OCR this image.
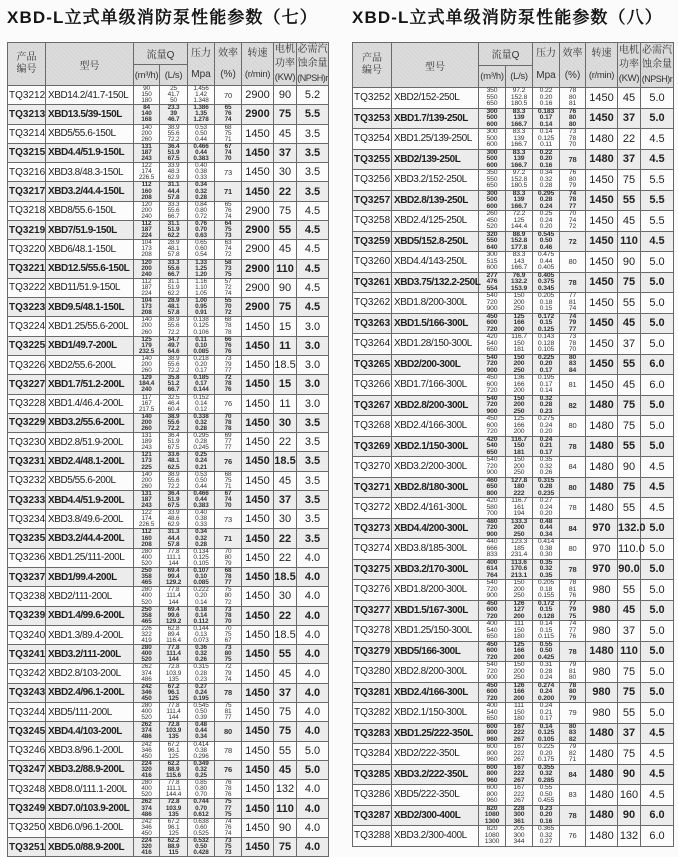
XBD-L立式单级消防泵性能参数（七）
产品
编号	型号	流量Q		压力
Mpa	效率
(%)	转速
(r/min)	电机
功率
(KW)	必需汽
蚀余量
(NPSH)r

		(m³/h)	(L/s)					
TQ3212	XBD14.2/41.7-150L	90
150
180	25
41.7
50	1.456
1.42
1.348	70	2900	90	5.2
TQ3213	XBD13.5/39-150L	84
140
168	23.3
39
46.7	1.386
1.35
1.278	65
76
74	2900	75	5.5
TQ3214	XBD5/55.6-150L	140
200
260	38.9
55.6
72.2	0.53
0.50
0.44	68
75
71	1450	45	3.5
TQ3215	XBD4.4/51.9-150L	131
187
243	36.4
51.9
67.5	0.466
0.44
0.383	67
74
70	1450	37	3.5
TQ3216	XBD3.8/48.3-150L	122
174
226.5	33.9
48.3
62.9	0.40
0.38
0.33	73	1450	30	3.5
TQ3217	XBD3.2/44.4-150L	112
160
208	31.1
44.4
57.8	0.34
0.32
0.28	71	1450	22	3.5
TQ3218	XBD8/55.6-150L	120
200
240	33.3
55.6
66.7	0.84
0.80
0.72	65
76
74	2900	75	4.5
TQ3219	XBD7/51.9-150L	112
187
224	31.1
51.9
62.2	0.76
0.70
0.63	64
75
73	2900	55	4.5
TQ3220	XBD6/48.1-150L	104
173
208	28.9
48.1
57.8	0.65
0.60
0.54	63
74
72	2900	45	4.5
TQ3221	XBD12.5/55.6-150L	120
200
240	33.3
55.6
66.7	1.33
1.25
1.20	58
73
75	2900	110	4.5
TQ3222	XBD11/51.9-150L	112
187
224	31.1
51.9
62.2	1.16
1.10
1.05	57
72
74	2900	90	4.5
TQ3223	XBD9.5/48.1-150L	104
173
208	28.9
48.1
57.8	1.00
0.95
0.91	55
70
72	2900	75	4.5
TQ3224	XBD1.25/55.6-200L	140
200
260	38.9
55.6
72.2	0.138
0.125
0.106	68
78
78	1450	15	3.0
TQ3225	XBD1/49.7-200L	125
179
232.5	34.7
49.7
64.6	0.11
0.10
0.085	66
76
76	1450	11	3.0
TQ3226	XBD2/55.6-200L	140
200
260	38.9
55.6
72.2	0.218
0.20
0.17	73
79
77	1450	18.5	3.0
TQ3227	XBD1.7/51.2-200L	129
184.4
240	35.8
51.2
66.7	0.185
0.17
0.144	72
78
76	1450	15	3.0
TQ3228	XBD1.4/46.4-200L	117
167
217.5	32.5
46.4
60.4	0.152
0.14
0.12	76	1450	11	3.0
TQ3229	XBD3.2/55.6-200L	140
200
260	38.9
55.6
72.2	0.338
0.32
0.28	70
78
78	1450	30	3.5
TQ3230	XBD2.8/51.9-200L	131
189
243	36.4
51.9
67.5	0.295
0.28
0.245	69
77
77	1450	22	3.5
TQ3231	XBD2.4/48.1-200L	121
173
225	33.6
48.1
62.5	0.25
0.24
0.21	76	1450	18.5	3.5
TQ3232	XBD5/55.6-200L	140
200
260	38.9
55.6
72.2	0.53
0.50
0.44	68
75
71	1450	45	3.5
TQ3233	XBD4.4/51.9-200L	131
187
243	36.4
51.9
67.5	0.466
0.44
0.383	67
74
70	1450	37	3.5
TQ3234	XBD3.8/49.6-200L	122
174
226.5	33.9
48.6
62.9	0.40
0.38
0.33	73	1450	30	3.5
TQ3235	XBD3.2/44.4-200L	112
160
208	31.3
44.4
57.8	0.34
0.32
0.28	71	1450	22	3.5
TQ3236	XBD1.25/111-200L	280
400
520	77.8
111.1
144	0.134
0.125
0.105	70
80
79	1450	22	4.0
TQ3237	XBD1/99.4-200L	250
358
465	69.4
99.4
129.2	0.107
0.10
0.085	68
78
77	1450	18.5	4.0
TQ3238	XBD2/111-200L	280
400
520	77.8
111.4
144	0.222
0.20
0.14	75
80
72	1450	30	4.0
TQ3239	XBD1.4/99.6-200L	250
358
465	69.4
99.6
129.2	0.18
0.14
0.112	73
78
70	1450	22	4.0
TQ3240	XBD1.3/89.4-200L	226
322
419	62.8
89.4
116.4	0.144
0.13
0.073	70
75
67	1450	18.5	4.0
TQ3241	XBD3.2/111-200L	280
400
520	77.8
111.4
144	0.36
0.32
0.26	73
80
75	1450	55	4.0
TQ3242	XBD2.8/103-200L	262
374
486	72.8
103.9
135	0.315
0.28
0.23	72
79
74	1450	45	4.0
TQ3243	XBD2.4/96.1-200L	242
346
450	67.2
96.1
125	0.27
0.24
0.195	78	1450	37	4.0
TQ3244	XBD5/111-200L	280
400
520	77.8
111.4
144	0.545
0.50
0.39	75
81
77	1450	75	4.0
TQ3245	XBD4.4/103-200L	262
374
486	72.8
103.9
135	0.48
0.44
0.34	80	1450	75	4.0
TQ3246	XBD3.8/96.1-200L	242
346
450	67.2
96.1
125	0.414
0.38
0.296	78	1450	55	5.0
TQ3247	XBD3.2/88.9-200L	224
320
416	62.2
88.9
115.6	0.349
0.32
0.25	76	1450	45	5.0
TQ3248	XBD8.0/111.1-200L	280
400
520	77.8
111.1
144.4	0.85
0.80
0.70	76
78
76	1450	132	4.0
TQ3249	XBD7.0/103.9-200L	262
374
486	72.8
103.9
135	0.744
0.70
0.612	75
77
75	1450	110	4.0
TQ3250	XBD6.0/96.1-200L	242
346
450	67.2
96.1
125	0.638
0.60
0.525	74
76
74	1450	90	4.0
TQ3251	XBD5.0/88.9-200L	224
320
416	62.2
88.9
115	0.532
0.50
0.428	73
75
73	1450	75	4.0
XBD-L立式单级消防泵性能参数（八）
产品
编号	型号	流量Q		压力
Mpa	效率
(%)	转速
(r/min)	电机
功率
(KW)	必需汽
蚀余量
(NPSH)r

		(m³/h)	(L/s)					
TQ3252	XBD2/152-250L	350
550
650	97.2
152.8
180.5	0.22
0.20
0.16	78
80
81	1450	45	5.0
TQ3253	XBD1.7/139-250L	300
500
600	83.3
139
166.7	0.183
0.17
0.14	76
80
80	1450	37	5.0
TQ3254	XBD1.25/139-250L	300
500
600	83.3
139
166.7	0.14
0.125
0.11	73
78
70	1480	22	4.5
TQ3255	XBD2/139-250L	300
500
600	83.3
139
166.7	0.22
0.20
0.16	78	1480	37	4.5
TQ3256	XBD3.2/152-250L	350
550
650	97.2
152.8
180.5	0.34
0.32
0.28	76
80
79	1450	75	5.5
TQ3257	XBD2.8/139-250L	300
500
600	83.3
139
166.7	0.295
0.28
0.24	74
78
77	1450	55	5.5
TQ3258	XBD2.4/125-250L	260
450
520	72.2
125
144.4	0.25
0.24
0.20	70
74
72	1450	45	5.5
TQ3259	XBD5/152.8-250L	320
550
640	88.9
152.8
177.8	0.545
0.50
0.46	72	1450	110	4.5
TQ3260	XBD4.4/143-250L	300
515
600	83.3
143
166.7	0.475
0.44
0.405	80	1450	90	5.0
TQ3261	XBD3.75/132.2-250L	277
476
554	76.9
132.2
153.9	0.405
0.375
0.345	78	1450	75	5.0
TQ3262	XBD1.8/200-300L	540
720
900	150
200
250	0.205
0.18
0.15	77
81
74	1450	55	5.0
TQ3263	XBD1.5/166-300L	450
600
720	125
166
200	0.172
0.15
0.125	74
79
77	1450	45	5.0
TQ3264	XBD1.28/150-300L	420
540
650	116.7
150
181	0.143
0.128
0.105	73
78
70	1450	37	5.0
TQ3265	XBD2/200-300L	540
720
900	150
200
250	0.225
0.20
0.17	80
83
84	1450	55	6.0
TQ3266	XBD1.7/166-300L	450
600
720	136
166
200	0.195
0.17
0.14	81	1450	45	6.0
TQ3267	XBD2.8/200-300L	540
720
900	150
200
250	0.32
0.28
0.23	82	1480	75	5.0
TQ3268	XBD2.4/166-300L	450
600
720	125
166
200	0.275
0.24
0.20	80	1480	75	5.0
TQ3269	XBD2.1/150-300L	420
540
650	116.7
150
181	0.24
0.21
0.17	78	1480	55	5.0
TQ3270	XBD3.2/200-300L	540
720
900	150
200
250	0.35
0.32
0.26	84	1480	90	4.5
TQ3271	XBD2.8/180-300L	460
650
800	127.8
180
222	0.315
0.28
0.235	80	1480	75	4.5
TQ3272	XBD2.4/161-300L	420
580
700	116.7
161
194	0.27
0.24
0.20	78	1480	55	4.5
TQ3273	XBD4.4/200-300L	480
720
900	133.3
200
250	0.48
0.44
0.34	84	970	132.0	5.0
TQ3274	XBD3.8/185-300L	440
666
833	123.3
185
231.4	0.414
0.38
0.30	80	970	110.0	5.0
TQ3275	XBD3.2/170-300L	400
614
764	113.6
170.6
213.1	0.35
0.32
0.35	78	970	90.0	5.0
TQ3276	XBD1.8/200-300L	540
720
900	150
200
250	0.205
0.18
0.155	78
81
76	980	55	5.0
TQ3277	XBD1.5/167-300L	450
600
720	126
127
200	0.172
0.15
0.128	77
79
75	980	45	5.0
TQ3278	XBD1.25/150-300L	400
540
650	111
150
180	0.14
0.15
0.115	74
77
76	980	37	5.0
TQ3279	XBD5/166-300L	450
600
720	125
166
200	0.55
0.50
0.425	78	1480	110	5.0
TQ3280	XBD2.8/200-300L	540
720
900	150
200
250	0.31
0.28
0.24	79
81
80	980	75	5.0
TQ3281	XBD2.4/166-300L	450
600
720	126
166
200	0.274
0.24
0.200	78
80
79	980	75	5.0
TQ3282	XBD2.1/150-300L	400
540
650	111
150
180	0.24
0.21
0.17	79	980	55	5.0
TQ3283	XBD1.25/222-350L	600
800
960	167
222
267	0.14
0.125
0.105	80
83
82	1480	37	4.5
TQ3284	XBD2/222-350L	600
800
960	167
222
267	0.225
0.20
0.175	79
82
71	1480	75	4.5
TQ3285	XBD3.2/222-350L	600
800
960	167
222
267	0.355
0.32
0.285	84	1480	90	4.5
TQ3286	XBD5/222-350L	600
800
960	167
222
267	0.55
0.50
0.455	83	1480	160	4.5
TQ3287	XBD2/300-400L	820
1080
1300	228
300
361	0.23
0.20
0.16	78	1480	90	6.0
TQ3288	XBD3.2/300-400L	820
1080
1300	205
300
344	0.365
0.32
0.27	76	1480	132	6.0
